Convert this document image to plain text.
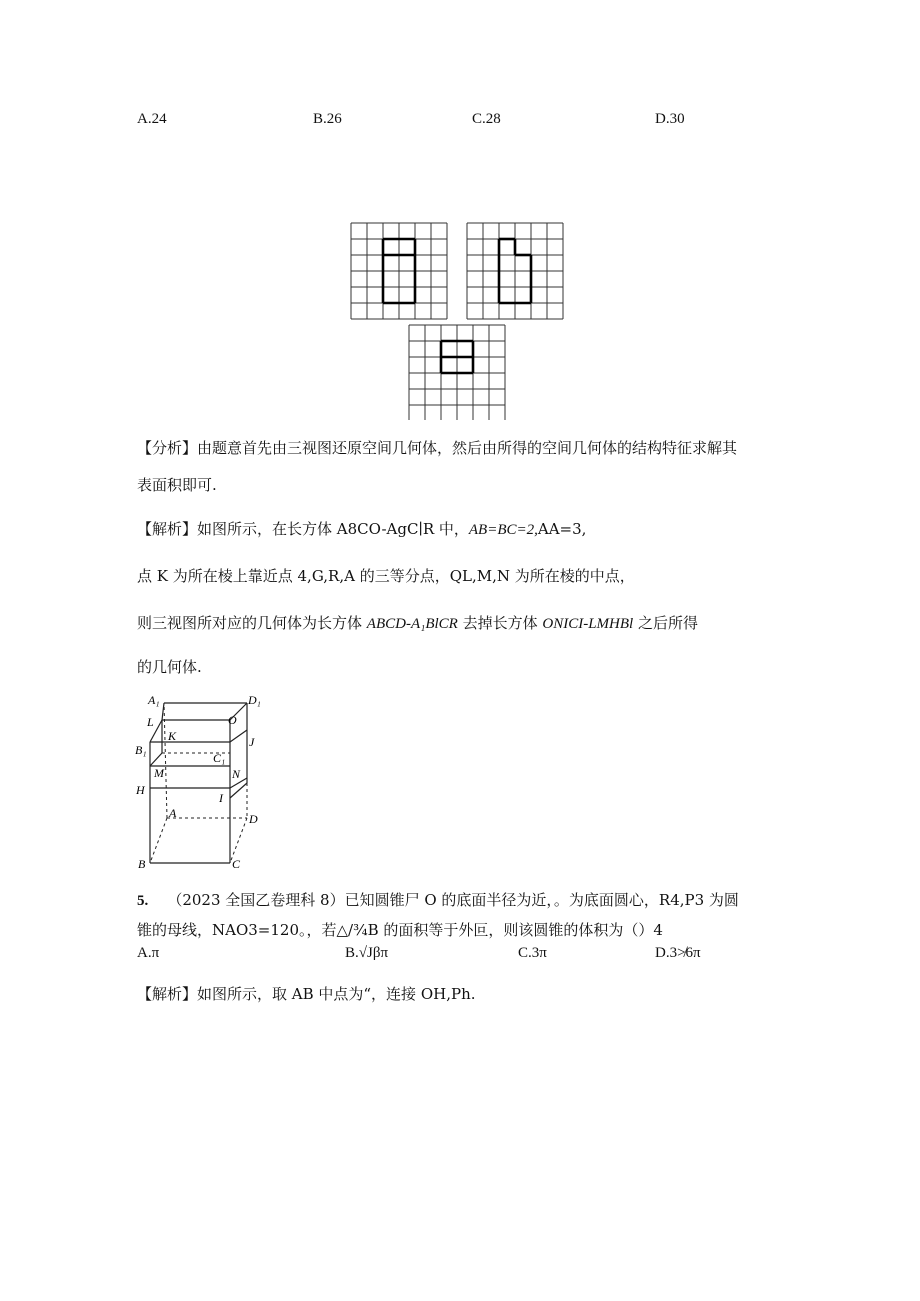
A.24	B.26	C.28	D.30
【分析】由题意首先由三视图还原空间几何体，然后由所得的空间几何体的结构特征求解其
表面积即可.
【解析】如图所示，在长方体 A8CO-AgC∣R 中，AB=BC=2,AA=3,
点 K 为所在棱上靠近点 4,G,R,A 的三等分点，QL,M,N 为所在棱的中点，
则三视图所对应的几何体为长方体 ABCD-A₁BlCR 去掉长方体 ONICI-LMHBl 之后所得
的几何体.
A₁	D₁
L	O
K	J
B₁
C₁
M	N
H
I
A	D
B	C
5. （2023 全国乙卷理科 8）已知圆锥尸 O 的底面半径为近，。为底面圆心，R4,P3 为圆
锥的母线，NAO3=120。，若△/¾B 的面积等于外叵，则该圆锥的体积为（）4
A.π	B.√Jβπ	C.3π	D.3≯6π
【解析】如图所示，取 AB 中点为“，连接 OH,Ph.
